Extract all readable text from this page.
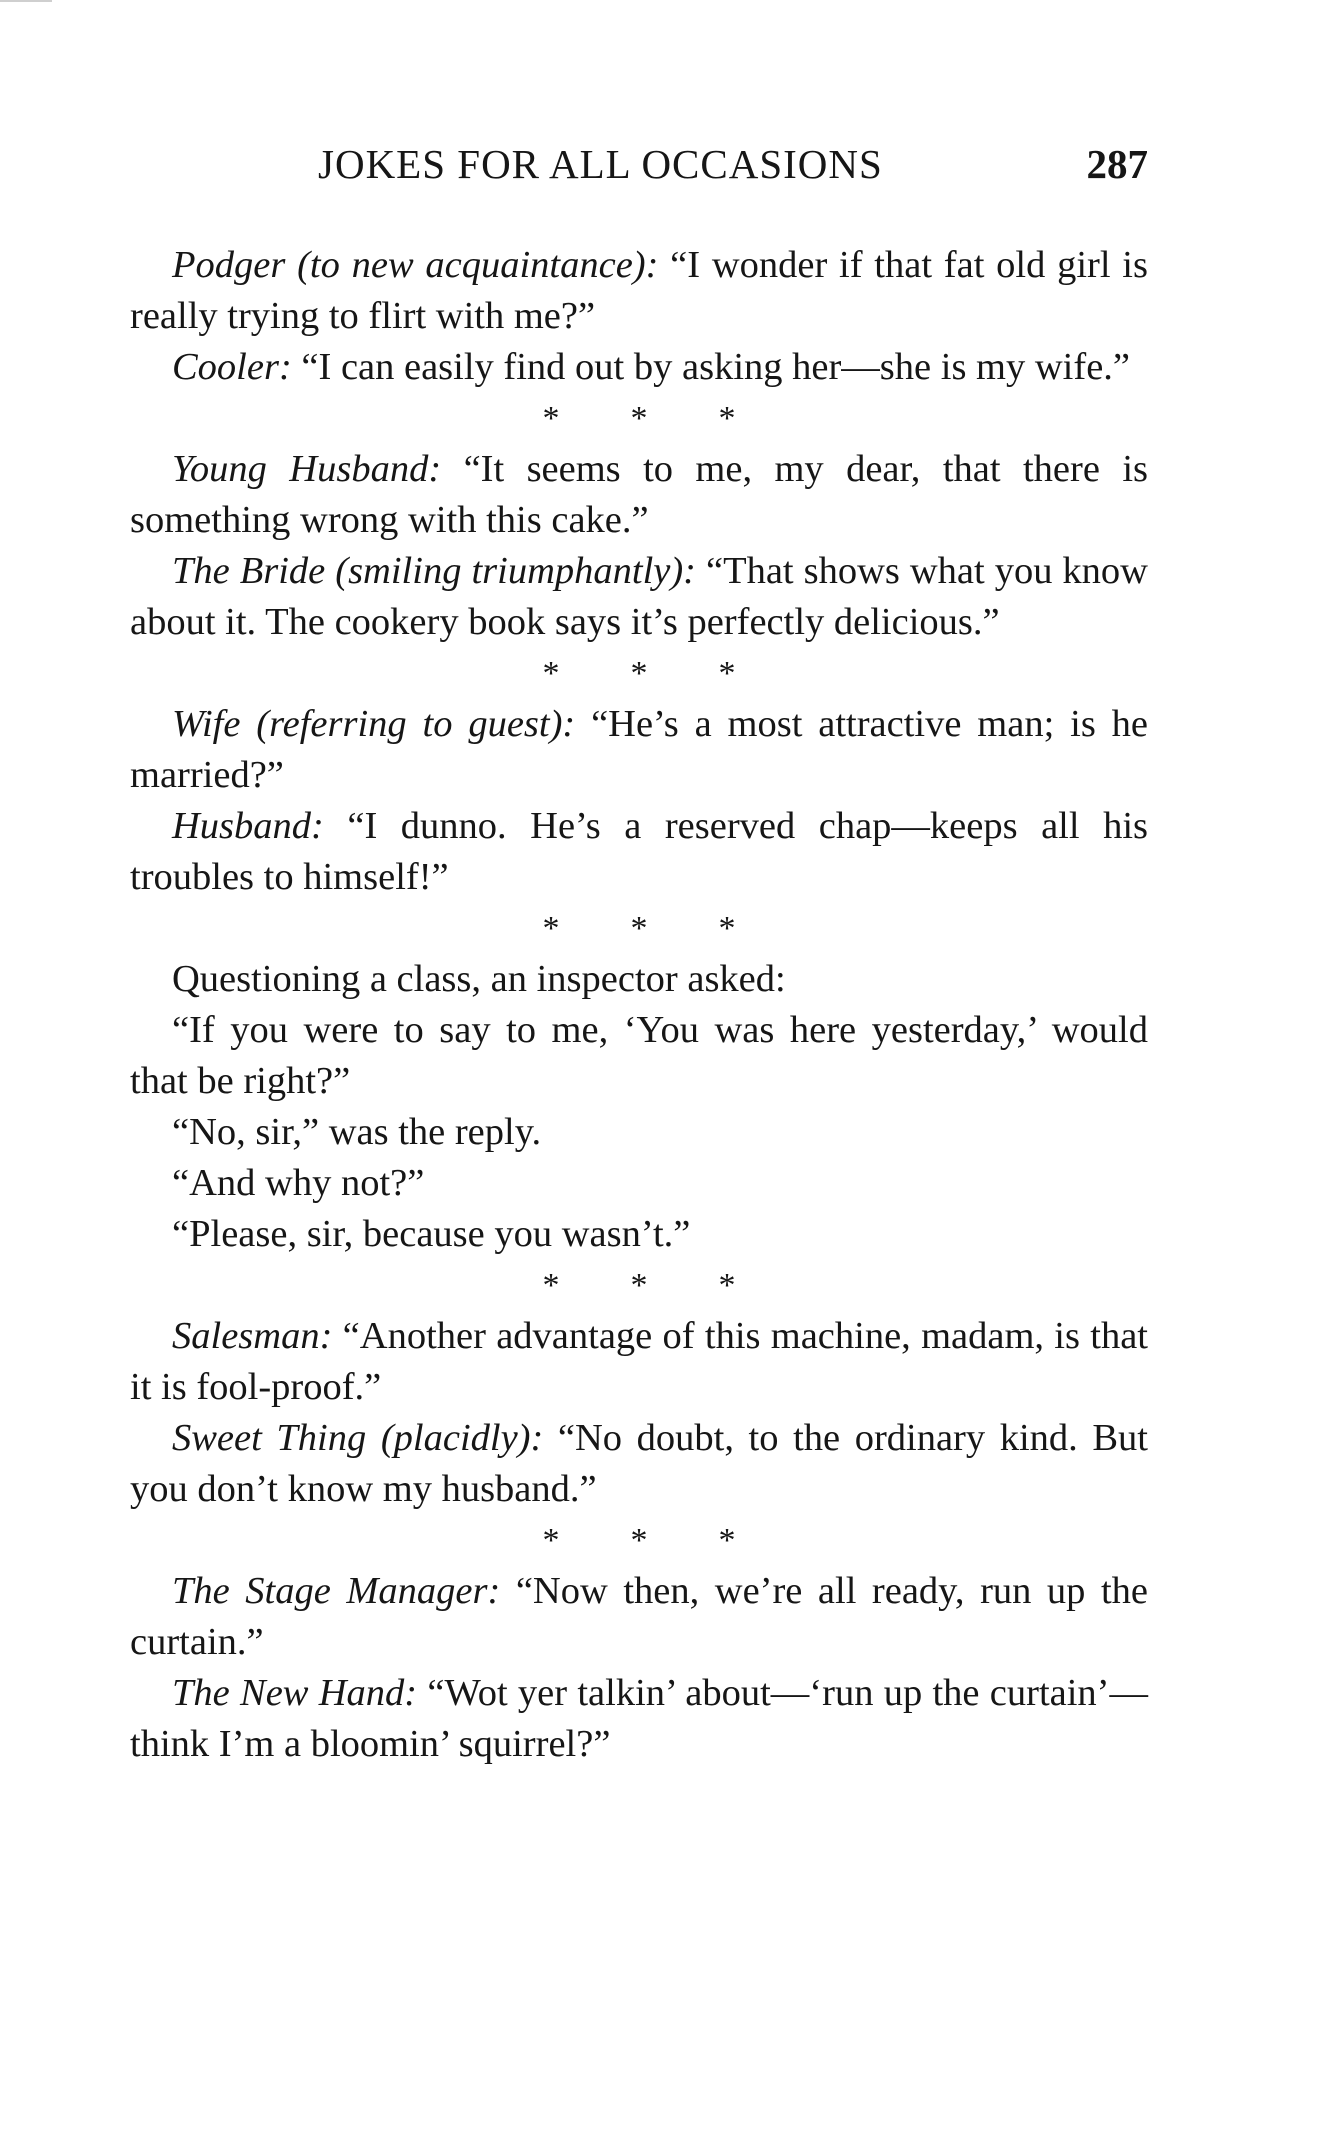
JOKES FOR ALL OCCASIONS	287

Podger (to new acquaintance): “I wonder if that fat old girl is really trying to flirt with me?”

Cooler: “I can easily find out by asking her—she is my wife.”

* * *

Young Husband: “It seems to me, my dear, that there is something wrong with this cake.”

The Bride (smiling triumphantly): “That shows what you know about it. The cookery book says it’s perfectly delicious.”

* * *

Wife (referring to guest): “He’s a most attractive man; is he married?”

Husband: “I dunno. He’s a reserved chap—keeps all his troubles to himself!”

* * *

Questioning a class, an inspector asked:

“If you were to say to me, ‘You was here yesterday,’ would that be right?”

“No, sir,” was the reply.

“And why not?”

“Please, sir, because you wasn’t.”

* * *

Salesman: “Another advantage of this machine, madam, is that it is fool-proof.”

Sweet Thing (placidly): “No doubt, to the ordinary kind. But you don’t know my husband.”

* * *

The Stage Manager: “Now then, we’re all ready, run up the curtain.”

The New Hand: “Wot yer talkin’ about—‘run up the curtain’—think I’m a bloomin’ squirrel?”
